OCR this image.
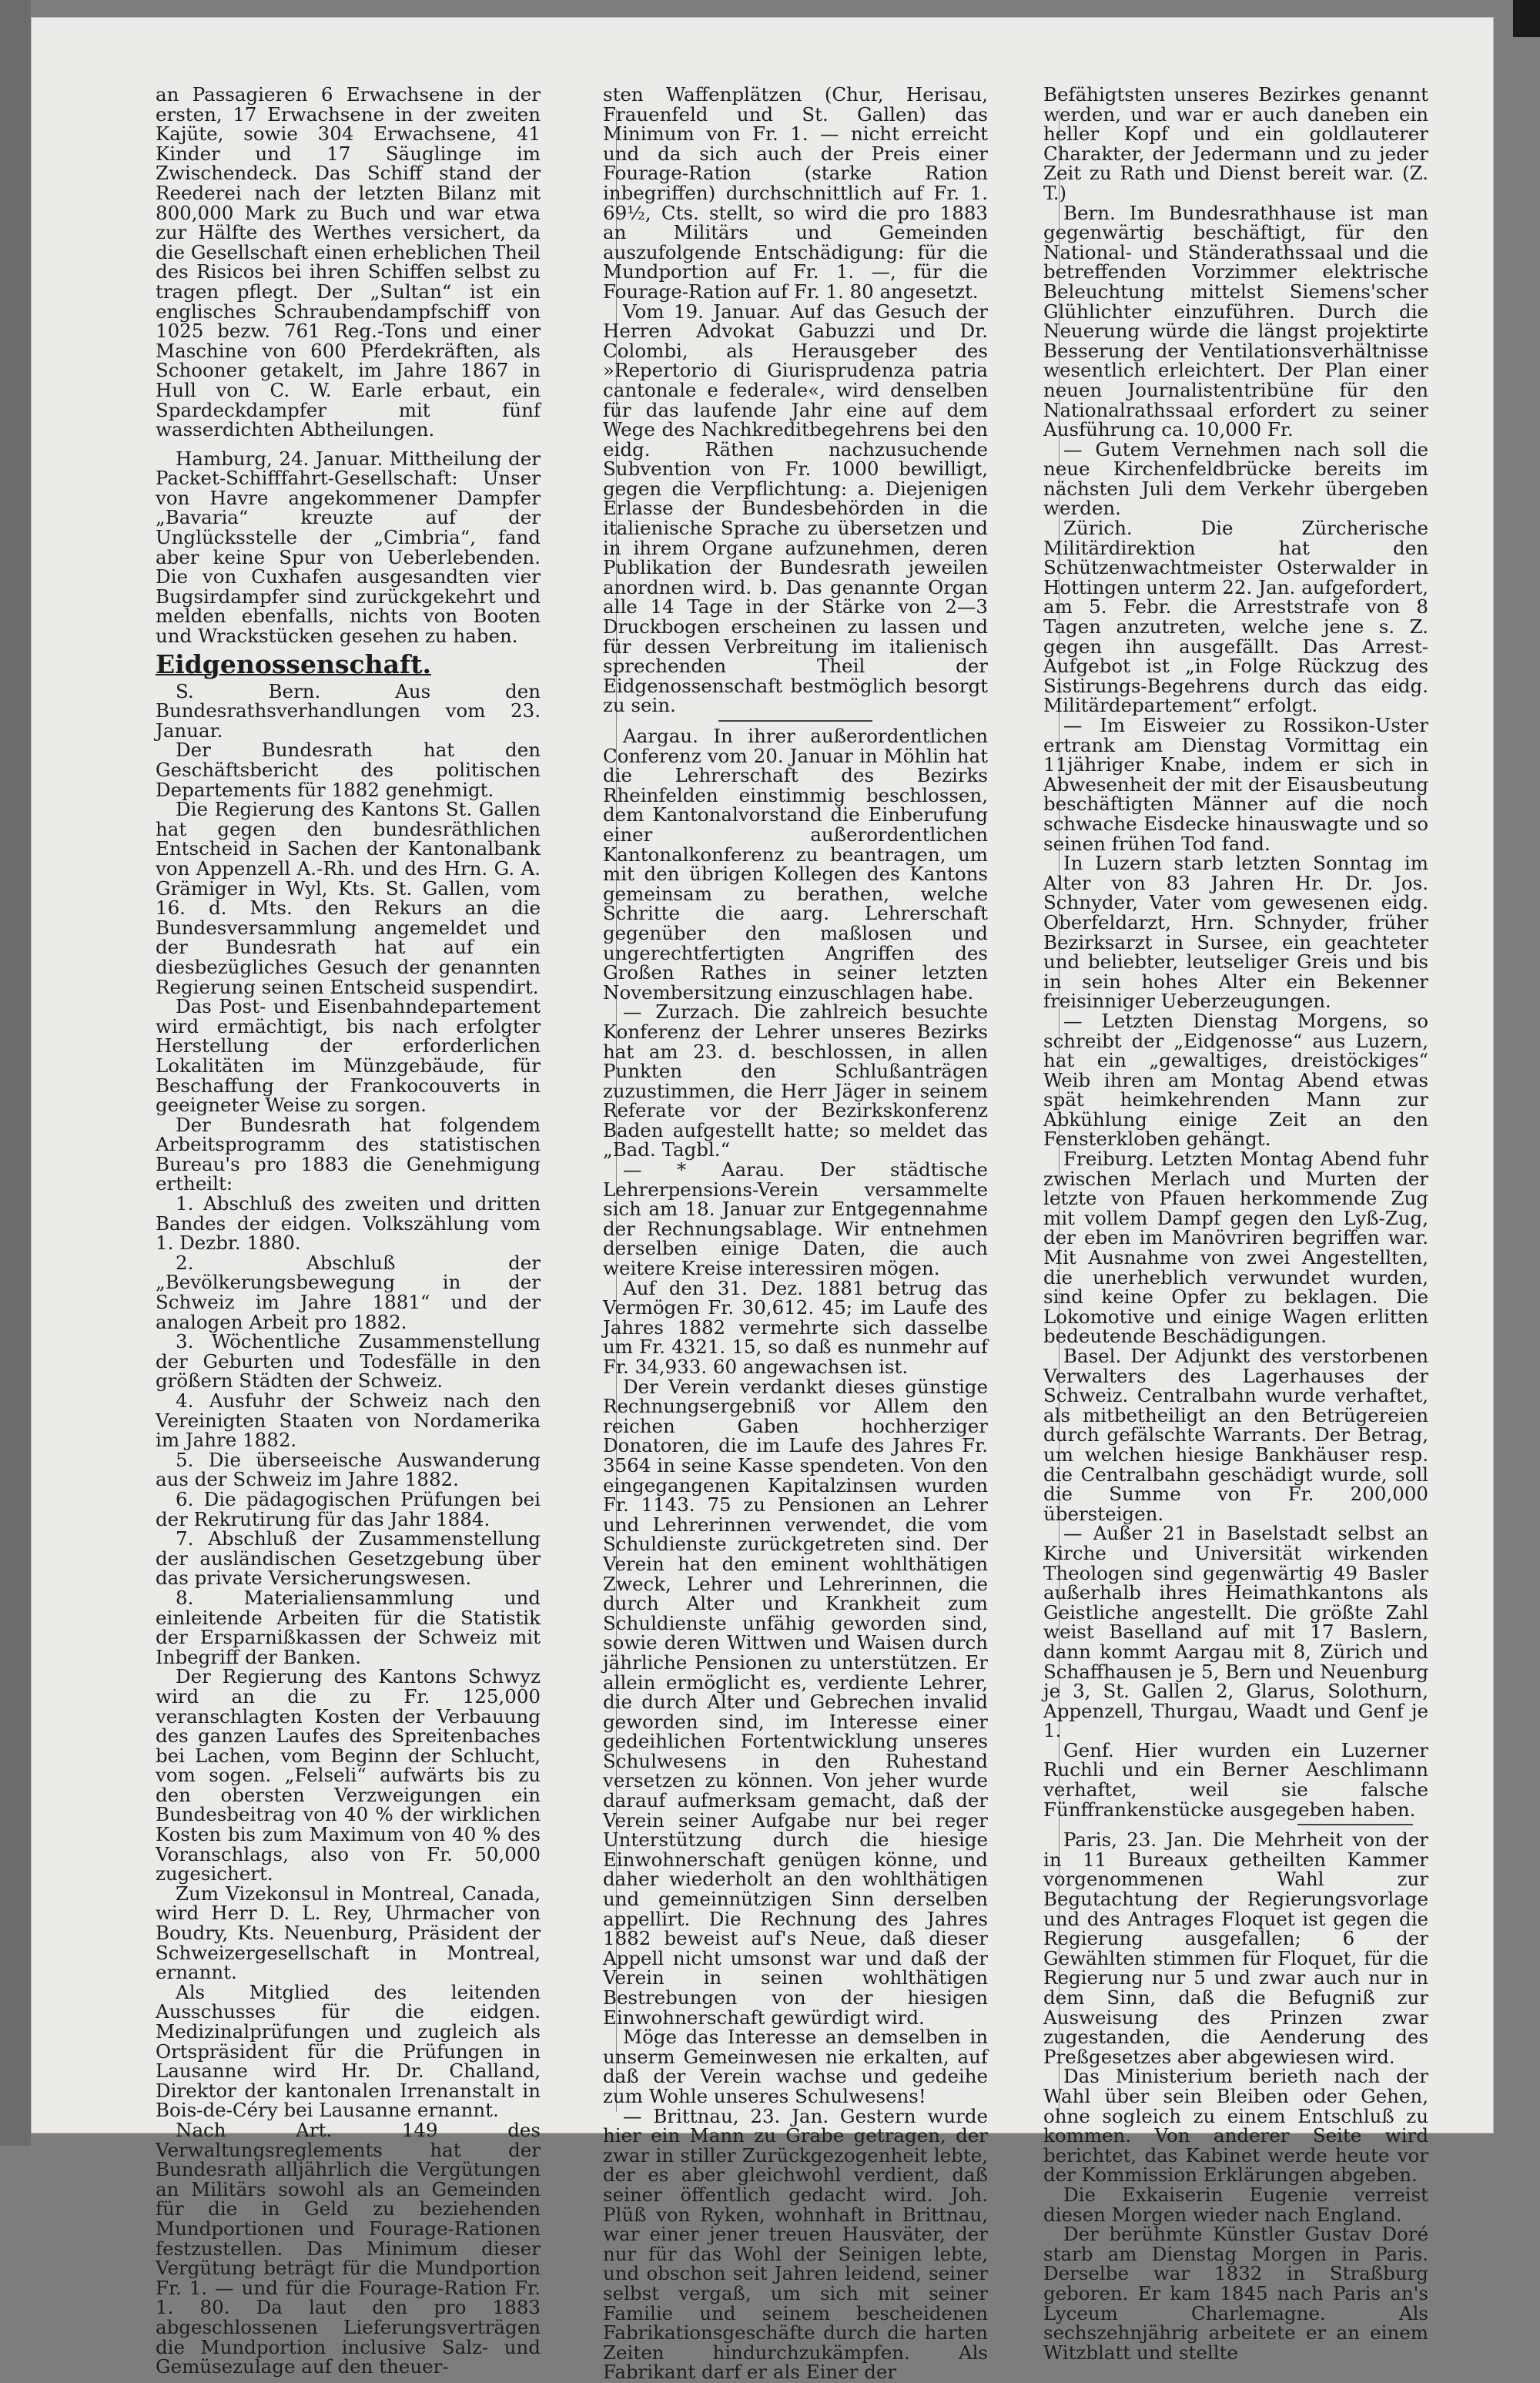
an Passagieren 6 Erwachsene in der ersten, 17 Erwachsene in der zweiten Kajüte, sowie 304 Erwachsene, 41 Kinder und 17 Säuglinge im Zwischendeck. Das Schiff stand der Reederei nach der letzten Bilanz mit 800,000 Mark zu Buch und war etwa zur Hälfte des Werthes versichert, da die Gesellschaft einen erheblichen Theil des Risicos bei ihren Schiffen selbst zu tragen pflegt. Der „Sultan“ ist ein englisches Schraubendampfschiff von 1025 bezw. 761 Reg.-Tons und einer Maschine von 600 Pferdekräften, als Schooner getakelt, im Jahre 1867 in Hull von C. W. Earle erbaut, ein Spardeckdampfer mit fünf wasserdichten Abtheilungen.

Hamburg, 24. Januar. Mittheilung der Packet-Schifffahrt-Gesellschaft: Unser von Havre angekommener Dampfer „Bavaria“ kreuzte auf der Unglücksstelle der „Cimbria“, fand aber keine Spur von Ueberlebenden. Die von Cuxhafen ausgesandten vier Bugsirdampfer sind zurückgekehrt und melden ebenfalls, nichts von Booten und Wrackstücken gesehen zu haben.

Eidgenossenschaft.

S. Bern. Aus den Bundesrathsverhandlungen vom 23. Januar.

Der Bundesrath hat den Geschäftsbericht des politischen Departements für 1882 genehmigt.

Die Regierung des Kantons St. Gallen hat gegen den bundesräthlichen Entscheid in Sachen der Kantonalbank von Appenzell A.-Rh. und des Hrn. G. A. Grämiger in Wyl, Kts. St. Gallen, vom 16. d. Mts. den Rekurs an die Bundesversammlung angemeldet und der Bundesrath hat auf ein diesbezügliches Gesuch der genannten Regierung seinen Entscheid suspendirt.

Das Post- und Eisenbahndepartement wird ermächtigt, bis nach erfolgter Herstellung der erforderlichen Lokalitäten im Münzgebäude, für Beschaffung der Frankocouverts in geeigneter Weise zu sorgen.

Der Bundesrath hat folgendem Arbeitsprogramm des statistischen Bureau's pro 1883 die Genehmigung ertheilt:

1. Abschluß des zweiten und dritten Bandes der eidgen. Volkszählung vom 1. Dezbr. 1880.

2. Abschluß der „Bevölkerungsbewegung in der Schweiz im Jahre 1881“ und der analogen Arbeit pro 1882.

3. Wöchentliche Zusammenstellung der Geburten und Todesfälle in den größern Städten der Schweiz.

4. Ausfuhr der Schweiz nach den Vereinigten Staaten von Nordamerika im Jahre 1882.

5. Die überseeische Auswanderung aus der Schweiz im Jahre 1882.

6. Die pädagogischen Prüfungen bei der Rekrutirung für das Jahr 1884.

7. Abschluß der Zusammenstellung der ausländischen Gesetzgebung über das private Versicherungswesen.

8. Materialiensammlung und einleitende Arbeiten für die Statistik der Ersparnißkassen der Schweiz mit Inbegriff der Banken.

Der Regierung des Kantons Schwyz wird an die zu Fr. 125,000 veranschlagten Kosten der Verbauung des ganzen Laufes des Spreitenbaches bei Lachen, vom Beginn der Schlucht, vom sogen. „Felseli“ aufwärts bis zu den obersten Verzweigungen ein Bundesbeitrag von 40 % der wirklichen Kosten bis zum Maximum von 40 % des Voranschlags, also von Fr. 50,000 zugesichert.

Zum Vizekonsul in Montreal, Canada, wird Herr D. L. Rey, Uhrmacher von Boudry, Kts. Neuenburg, Präsident der Schweizergesellschaft in Montreal, ernannt.

Als Mitglied des leitenden Ausschusses für die eidgen. Medizinalprüfungen und zugleich als Ortspräsident für die Prüfungen in Lausanne wird Hr. Dr. Challand, Direktor der kantonalen Irrenanstalt in Bois-de-Céry bei Lausanne ernannt.

Nach Art. 149 des Verwaltungsreglements hat der Bundesrath alljährlich die Vergütungen an Militärs sowohl als an Gemeinden für die in Geld zu beziehenden Mundportionen und Fourage-Rationen festzustellen. Das Minimum dieser Vergütung beträgt für die Mundportion Fr. 1. — und für die Fourage-Ration Fr. 1. 80. Da laut den pro 1883 abgeschlossenen Lieferungsverträgen die Mundportion inclusive Salz- und Gemüsezulage auf den theuer-

sten Waffenplätzen (Chur, Herisau, Frauenfeld und St. Gallen) das Minimum von Fr. 1. — nicht erreicht und da sich auch der Preis einer Fourage-Ration (starke Ration inbegriffen) durchschnittlich auf Fr. 1. 69½, Cts. stellt, so wird die pro 1883 an Militärs und Gemeinden auszufolgende Entschädigung: für die Mundportion auf Fr. 1. —, für die Fourage-Ration auf Fr. 1. 80 angesetzt.

Vom 19. Januar. Auf das Gesuch der Herren Advokat Gabuzzi und Dr. Colombi, als Herausgeber des »Repertorio di Giurisprudenza patria cantonale e federale«, wird denselben für das laufende Jahr eine auf dem Wege des Nachkreditbegehrens bei den eidg. Räthen nachzusuchende Subvention von Fr. 1000 bewilligt, gegen die Verpflichtung: a. Diejenigen Erlasse der Bundesbehörden in die italienische Sprache zu übersetzen und in ihrem Organe aufzunehmen, deren Publikation der Bundesrath jeweilen anordnen wird. b. Das genannte Organ alle 14 Tage in der Stärke von 2—3 Druckbogen erscheinen zu lassen und für dessen Verbreitung im italienisch sprechenden Theil der Eidgenossenschaft bestmöglich besorgt zu sein.

Aargau. In ihrer außerordentlichen Conferenz vom 20. Januar in Möhlin hat die Lehrerschaft des Bezirks Rheinfelden einstimmig beschlossen, dem Kantonalvorstand die Einberufung einer außerordentlichen Kantonalkonferenz zu beantragen, um mit den übrigen Kollegen des Kantons gemeinsam zu berathen, welche Schritte die aarg. Lehrerschaft gegenüber den maßlosen und ungerechtfertigten Angriffen des Großen Rathes in seiner letzten Novembersitzung einzuschlagen habe.

— Zurzach. Die zahlreich besuchte Konferenz der Lehrer unseres Bezirks hat am 23. d. beschlossen, in allen Punkten den Schlußanträgen zuzustimmen, die Herr Jäger in seinem Referate vor der Bezirkskonferenz Baden aufgestellt hatte; so meldet das „Bad. Tagbl.“

— * Aarau. Der städtische Lehrerpensions-Verein versammelte sich am 18. Januar zur Entgegennahme der Rechnungsablage. Wir entnehmen derselben einige Daten, die auch weitere Kreise interessiren mögen.

Auf den 31. Dez. 1881 betrug das Vermögen Fr. 30,612. 45; im Laufe des Jahres 1882 vermehrte sich dasselbe um Fr. 4321. 15, so daß es nunmehr auf Fr. 34,933. 60 angewachsen ist.

Der Verein verdankt dieses günstige Rechnungsergebniß vor Allem den reichen Gaben hochherziger Donatoren, die im Laufe des Jahres Fr. 3564 in seine Kasse spendeten. Von den eingegangenen Kapitalzinsen wurden Fr. 1143. 75 zu Pensionen an Lehrer und Lehrerinnen verwendet, die vom Schuldienste zurückgetreten sind. Der Verein hat den eminent wohlthätigen Zweck, Lehrer und Lehrerinnen, die durch Alter und Krankheit zum Schuldienste unfähig geworden sind, sowie deren Wittwen und Waisen durch jährliche Pensionen zu unterstützen. Er allein ermöglicht es, verdiente Lehrer, die durch Alter und Gebrechen invalid geworden sind, im Interesse einer gedeihlichen Fortentwicklung unseres Schulwesens in den Ruhestand versetzen zu können. Von jeher wurde darauf aufmerksam gemacht, daß der Verein seiner Aufgabe nur bei reger Unterstützung durch die hiesige Einwohnerschaft genügen könne, und daher wiederholt an den wohlthätigen und gemeinnützigen Sinn derselben appellirt. Die Rechnung des Jahres 1882 beweist auf's Neue, daß dieser Appell nicht umsonst war und daß der Verein in seinen wohlthätigen Bestrebungen von der hiesigen Einwohnerschaft gewürdigt wird.

Möge das Interesse an demselben in unserm Gemeinwesen nie erkalten, auf daß der Verein wachse und gedeihe zum Wohle unseres Schulwesens!

— Brittnau, 23. Jan. Gestern wurde hier ein Mann zu Grabe getragen, der zwar in stiller Zurückgezogenheit lebte, der es aber gleichwohl verdient, daß seiner öffentlich gedacht wird. Joh. Plüß von Ryken, wohnhaft in Brittnau, war einer jener treuen Hausväter, der nur für das Wohl der Seinigen lebte, und obschon seit Jahren leidend, seiner selbst vergaß, um sich mit seiner Familie und seinem bescheidenen Fabrikationsgeschäfte durch die harten Zeiten hindurchzukämpfen. Als Fabrikant darf er als Einer der

Befähigtsten unseres Bezirkes genannt werden, und war er auch daneben ein heller Kopf und ein goldlauterer Charakter, der Jedermann und zu jeder Zeit zu Rath und Dienst bereit war. (Z. T.)

Bern. Im Bundesrathhause ist man gegenwärtig beschäftigt, für den National- und Ständerathssaal und die betreffenden Vorzimmer elektrische Beleuchtung mittelst Siemens'scher Glühlichter einzuführen. Durch die Neuerung würde die längst projektirte Besserung der Ventilationsverhältnisse wesentlich erleichtert. Der Plan einer neuen Journalistentribüne für den Nationalrathssaal erfordert zu seiner Ausführung ca. 10,000 Fr.

— Gutem Vernehmen nach soll die neue Kirchenfeldbrücke bereits im nächsten Juli dem Verkehr übergeben werden.

Zürich. Die Zürcherische Militärdirektion hat den Schützenwachtmeister Osterwalder in Hottingen unterm 22. Jan. aufgefordert, am 5. Febr. die Arreststrafe von 8 Tagen anzutreten, welche jene s. Z. gegen ihn ausgefällt. Das Arrest-Aufgebot ist „in Folge Rückzug des Sistirungs-Begehrens durch das eidg. Militärdepartement“ erfolgt.

— Im Eisweier zu Rossikon-Uster ertrank am Dienstag Vormittag ein 11jähriger Knabe, indem er sich in Abwesenheit der mit der Eisausbeutung beschäftigten Männer auf die noch schwache Eisdecke hinauswagte und so seinen frühen Tod fand.

In Luzern starb letzten Sonntag im Alter von 83 Jahren Hr. Dr. Jos. Schnyder, Vater vom gewesenen eidg. Oberfeldarzt, Hrn. Schnyder, früher Bezirksarzt in Sursee, ein geachteter und beliebter, leutseliger Greis und bis in sein hohes Alter ein Bekenner freisinniger Ueberzeugungen.

— Letzten Dienstag Morgens, so schreibt der „Eidgenosse“ aus Luzern, hat ein „gewaltiges, dreistöckiges“ Weib ihren am Montag Abend etwas spät heimkehrenden Mann zur Abkühlung einige Zeit an den Fensterkloben gehängt.

Freiburg. Letzten Montag Abend fuhr zwischen Merlach und Murten der letzte von Pfauen herkommende Zug mit vollem Dampf gegen den Lyß-Zug, der eben im Manövriren begriffen war. Mit Ausnahme von zwei Angestellten, die unerheblich verwundet wurden, sind keine Opfer zu beklagen. Die Lokomotive und einige Wagen erlitten bedeutende Beschädigungen.

Basel. Der Adjunkt des verstorbenen Verwalters des Lagerhauses der Schweiz. Centralbahn wurde verhaftet, als mitbetheiligt an den Betrügereien durch gefälschte Warrants. Der Betrag, um welchen hiesige Bankhäuser resp. die Centralbahn geschädigt wurde, soll die Summe von Fr. 200,000 übersteigen.

— Außer 21 in Baselstadt selbst an Kirche und Universität wirkenden Theologen sind gegenwärtig 49 Basler außerhalb ihres Heimathkantons als Geistliche angestellt. Die größte Zahl weist Baselland auf mit 17 Baslern, dann kommt Aargau mit 8, Zürich und Schaffhausen je 5, Bern und Neuenburg je 3, St. Gallen 2, Glarus, Solothurn, Appenzell, Thurgau, Waadt und Genf je 1.

Genf. Hier wurden ein Luzerner Ruchli und ein Berner Aeschlimann verhaftet, weil sie falsche Fünffrankenstücke ausgegeben haben.

Paris, 23. Jan. Die Mehrheit von der in 11 Bureaux getheilten Kammer vorgenommenen Wahl zur Begutachtung der Regierungsvorlage und des Antrages Floquet ist gegen die Regierung ausgefallen; 6 der Gewählten stimmen für Floquet, für die Regierung nur 5 und zwar auch nur in dem Sinn, daß die Befugniß zur Ausweisung des Prinzen zwar zugestanden, die Aenderung des Preßgesetzes aber abgewiesen wird.

Das Ministerium berieth nach der Wahl über sein Bleiben oder Gehen, ohne sogleich zu einem Entschluß zu kommen. Von anderer Seite wird berichtet, das Kabinet werde heute vor der Kommission Erklärungen abgeben.

Die Exkaiserin Eugenie verreist diesen Morgen wieder nach England.

Der berühmte Künstler Gustav Doré starb am Dienstag Morgen in Paris. Derselbe war 1832 in Straßburg geboren. Er kam 1845 nach Paris an's Lyceum Charlemagne. Als sechszehnjährig arbeitete er an einem Witzblatt und stellte
